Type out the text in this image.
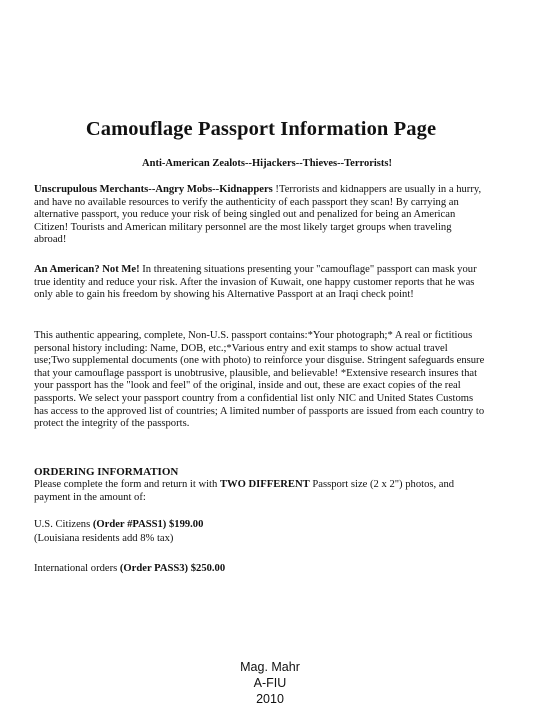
Camouflage Passport Information Page
Anti-American Zealots--Hijackers--Thieves--Terrorists!
Unscrupulous Merchants--Angry Mobs--Kidnappers !Terrorists and kidnappers are usually in a hurry, and have no available resources to verify the authenticity of each passport they scan! By carrying an alternative passport, you reduce your risk of being singled out and penalized for being an American Citizen! Tourists and American military personnel are the most likely target groups when traveling abroad!
An American? Not Me! In threatening situations presenting your "camouflage" passport can mask your true identity and reduce your risk. After the invasion of Kuwait, one happy customer reports that he was only able to gain his freedom by showing his Alternative Passport at an Iraqi check point!
This authentic appearing, complete, Non-U.S. passport contains:*Your photograph;* A real or fictitious personal history including: Name, DOB, etc.;*Various entry and exit stamps to show actual travel use;Two supplemental documents (one with photo) to reinforce your disguise. Stringent safeguards ensure that your camouflage passport is unobtrusive, plausible, and believable! *Extensive research insures that your passport has the "look and feel" of the original, inside and out, these are exact copies of the real passports. We select your passport country from a confidential list only NIC and United States Customs has access to the approved list of countries; A limited number of passports are issued from each country to protect the integrity of the passports.
ORDERING INFORMATION
Please complete the form and return it with TWO DIFFERENT Passport size (2 x 2") photos, and payment in the amount of:
U.S. Citizens (Order #PASS1) $199.00
(Louisiana residents add 8% tax)
International orders (Order PASS3) $250.00
Mag. Mahr
A-FIU
2010
